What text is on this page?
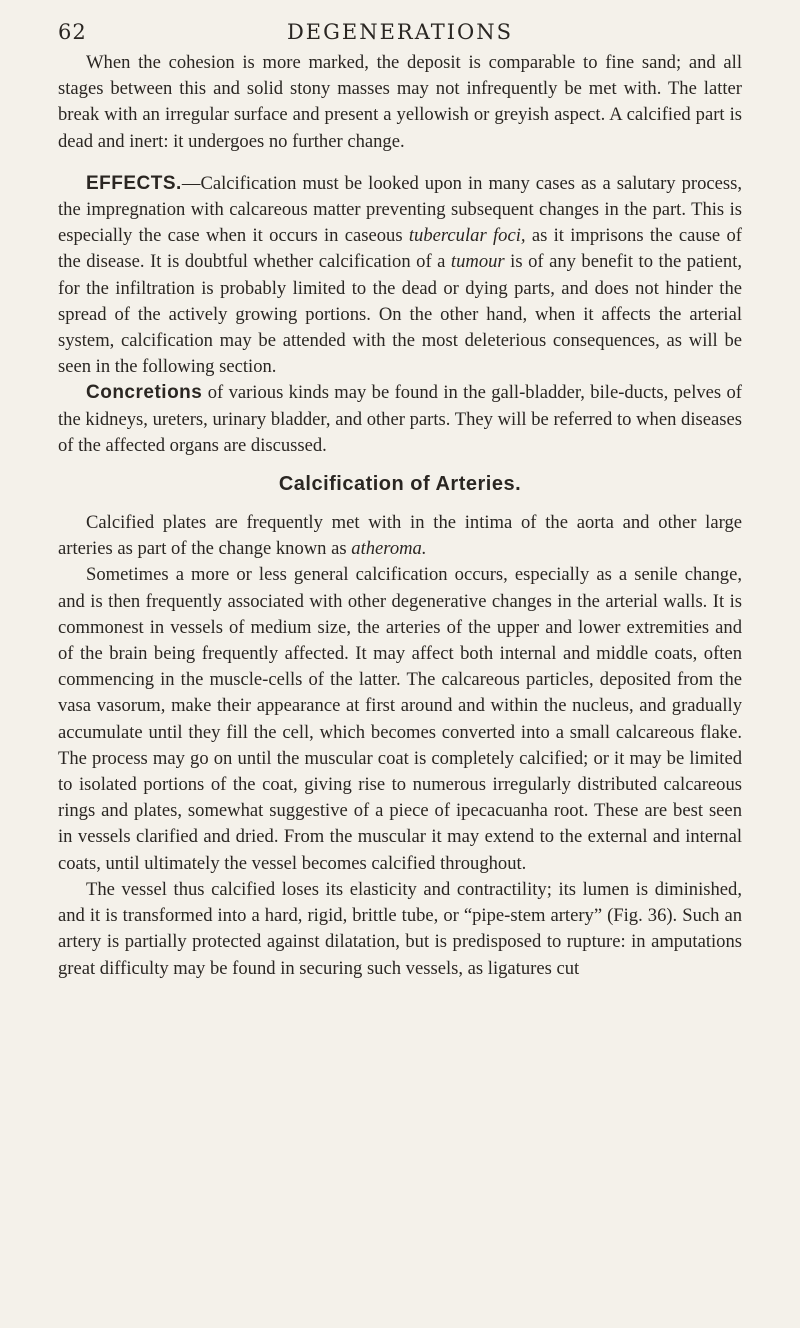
62	DEGENERATIONS

When the cohesion is more marked, the deposit is comparable to fine sand; and all stages between this and solid stony masses may not infrequently be met with. The latter break with an irregular surface and present a yellowish or greyish aspect. A calcified part is dead and inert: it undergoes no further change.

EFFECTS.—Calcification must be looked upon in many cases as a salutary process, the impregnation with calcareous matter preventing subsequent changes in the part. This is especially the case when it occurs in caseous tubercular foci, as it imprisons the cause of the disease. It is doubtful whether calcification of a tumour is of any benefit to the patient, for the infiltration is probably limited to the dead or dying parts, and does not hinder the spread of the actively growing portions. On the other hand, when it affects the arterial system, calcification may be attended with the most deleterious consequences, as will be seen in the following section.

Concretions of various kinds may be found in the gall-bladder, bile-ducts, pelves of the kidneys, ureters, urinary bladder, and other parts. They will be referred to when diseases of the affected organs are discussed.

Calcification of Arteries.

Calcified plates are frequently met with in the intima of the aorta and other large arteries as part of the change known as atheroma.

Sometimes a more or less general calcification occurs, especially as a senile change, and is then frequently associated with other degenerative changes in the arterial walls. It is commonest in vessels of medium size, the arteries of the upper and lower extremities and of the brain being frequently affected. It may affect both internal and middle coats, often commencing in the muscle-cells of the latter. The calcareous particles, deposited from the vasa vasorum, make their appearance at first around and within the nucleus, and gradually accumulate until they fill the cell, which becomes converted into a small calcareous flake. The process may go on until the muscular coat is completely calcified; or it may be limited to isolated portions of the coat, giving rise to numerous irregularly distributed calcareous rings and plates, somewhat suggestive of a piece of ipecacuanha root. These are best seen in vessels clarified and dried. From the muscular it may extend to the external and internal coats, until ultimately the vessel becomes calcified throughout.

The vessel thus calcified loses its elasticity and contractility; its lumen is diminished, and it is transformed into a hard, rigid, brittle tube, or “pipe-stem artery” (Fig. 36). Such an artery is partially protected against dilatation, but is predisposed to rupture: in amputations great difficulty may be found in securing such vessels, as ligatures cut
